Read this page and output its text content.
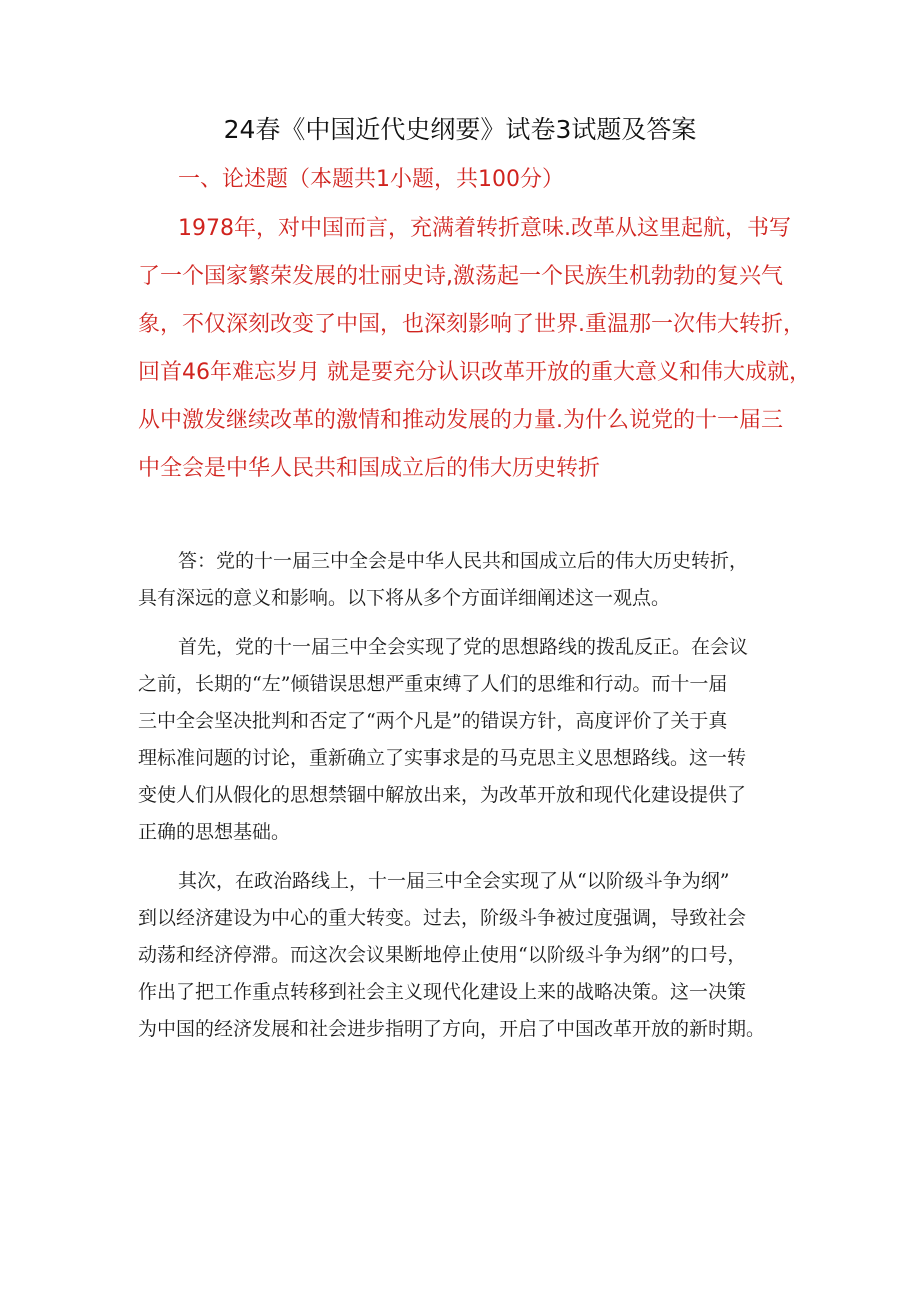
24春《中国近代史纲要》试卷3试题及答案
一、论述题（本题共1小题，共100分）
1978年，对中国而言，充满着转折意味.改革从这里起航，书写
了一个国家繁荣发展的壮丽史诗,激荡起一个民族生机勃勃的复兴气
象，不仅深刻改变了中国，也深刻影响了世界.重温那一次伟大转折，
回首46年难忘岁月 就是要充分认识改革开放的重大意义和伟大成就，
从中激发继续改革的激情和推动发展的力量.为什么说党的十一届三
中全会是中华人民共和国成立后的伟大历史转折
答：党的十一届三中全会是中华人民共和国成立后的伟大历史转折，
具有深远的意义和影响。以下将从多个方面详细阐述这一观点。
首先，党的十一届三中全会实现了党的思想路线的拨乱反正。在会议
之前，长期的“左”倾错误思想严重束缚了人们的思维和行动。而十一届
三中全会坚决批判和否定了“两个凡是”的错误方针，高度评价了关于真
理标准问题的讨论，重新确立了实事求是的马克思主义思想路线。这一转
变使人们从假化的思想禁锢中解放出来，为改革开放和现代化建设提供了
正确的思想基础。
其次，在政治路线上，十一届三中全会实现了从“以阶级斗争为纲”
到以经济建设为中心的重大转变。过去，阶级斗争被过度强调，导致社会
动荡和经济停滞。而这次会议果断地停止使用“以阶级斗争为纲”的口号，
作出了把工作重点转移到社会主义现代化建设上来的战略决策。这一决策
为中国的经济发展和社会进步指明了方向，开启了中国改革开放的新时期。
